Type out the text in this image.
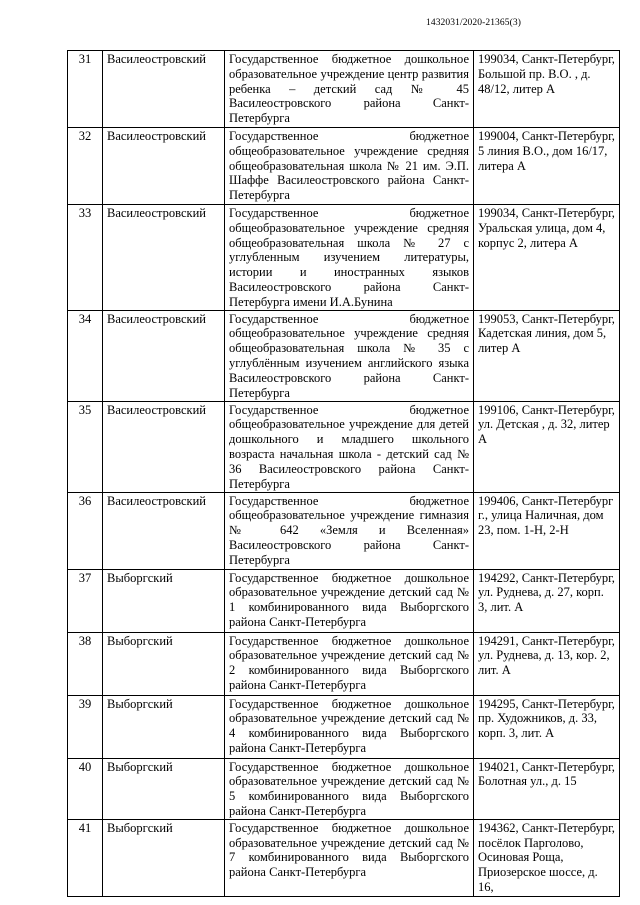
1432031/2020-21365(3)
31	Василеостровский	Государственное бюджетное дошкольное образовательное учреждение центр развития ребенка – детский сад № 45 Василеостровского района Санкт-Петербурга	199034, Санкт-Петербург, Большой пр. В.О. , д. 48/12, литер А
32	Василеостровский	Государственное бюджетное общеобразовательное учреждение средняя общеобразовательная школа № 21 им. Э.П. Шаффе Василеостровского района Санкт-Петербурга	199004, Санкт-Петербург, 5 линия В.О., дом 16/17, литера А
33	Василеостровский	Государственное бюджетное общеобразовательное учреждение средняя общеобразовательная школа № 27 с углубленным изучением литературы, истории и иностранных языков Василеостровского района Санкт-Петербурга имени И.А.Бунина	199034, Санкт-Петербург, Уральская улица, дом 4, корпус 2, литера А
34	Василеостровский	Государственное бюджетное общеобразовательное учреждение средняя общеобразовательная школа № 35 с углублённым изучением английского языка Василеостровского района Санкт-Петербурга	199053, Санкт-Петербург, Кадетская линия, дом 5, литер А
35	Василеостровский	Государственное бюджетное общеобразовательное учреждение для детей дошкольного и младшего школьного возраста начальная школа - детский сад № 36 Василеостровского района Санкт-Петербурга	199106, Санкт-Петербург, ул. Детская , д. 32, литер А
36	Василеостровский	Государственное бюджетное общеобразовательное учреждение гимназия № 642 «Земля и Вселенная» Василеостровского района Санкт-Петербурга	199406, Санкт-Петербург г., улица Наличная, дом 23, пом. 1-Н, 2-Н
37	Выборгский	Государственное бюджетное дошкольное образовательное учреждение детский сад № 1 комбинированного вида Выборгского района Санкт-Петербурга	194292, Санкт-Петербург, ул. Руднева, д. 27, корп. 3, лит. А
38	Выборгский	Государственное бюджетное дошкольное образовательное учреждение детский сад № 2 комбинированного вида Выборгского района Санкт-Петербурга	194291, Санкт-Петербург, ул. Руднева, д. 13, кор. 2, лит. А
39	Выборгский	Государственное бюджетное дошкольное образовательное учреждение детский сад № 4 комбинированного вида Выборгского района Санкт-Петербурга	194295, Санкт-Петербург, пр. Художников, д. 33, корп. 3, лит. А
40	Выборгский	Государственное бюджетное дошкольное образовательное учреждение детский сад № 5 комбинированного вида Выборгского района Санкт-Петербурга	194021, Санкт-Петербург, Болотная ул., д. 15
41	Выборгский	Государственное бюджетное дошкольное образовательное учреждение детский сад № 7 комбинированного вида Выборгского района Санкт-Петербурга	194362, Санкт-Петербург, посёлок Парголово, Осиновая Роща, Приозерское шоссе, д. 16,
